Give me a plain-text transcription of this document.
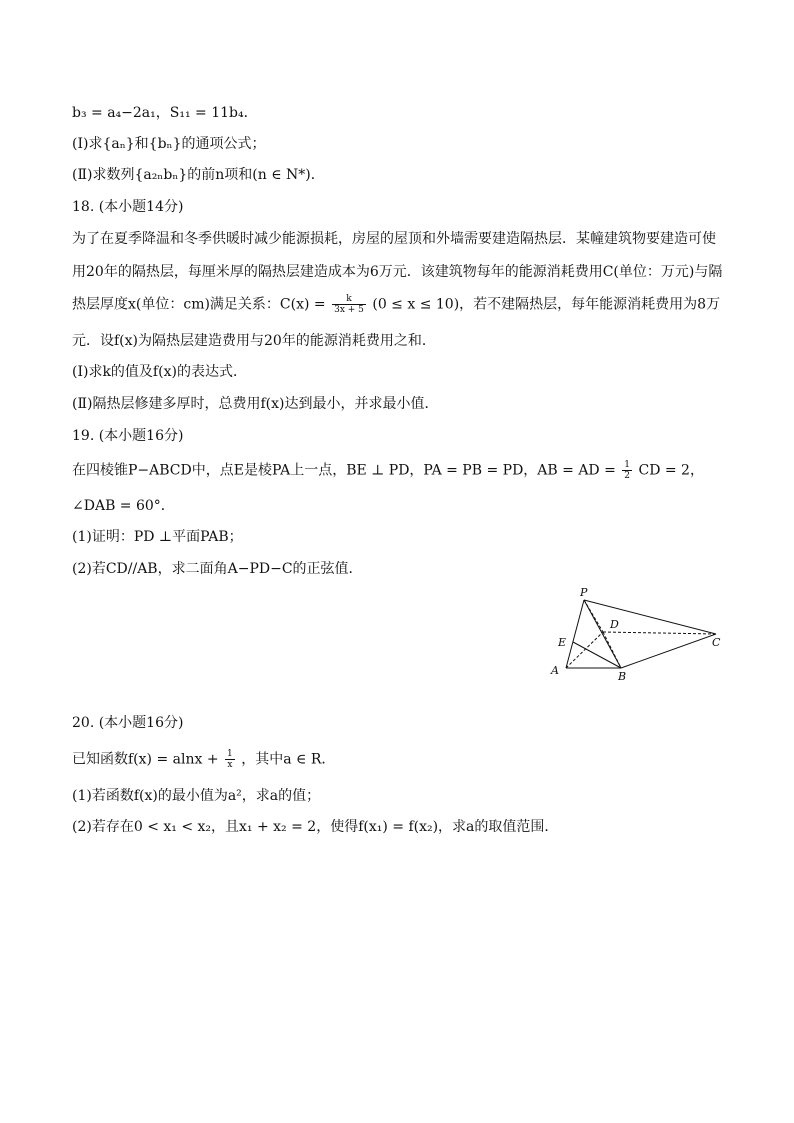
b₃ = a₄−2a₁，S₁₁ = 11b₄．
(Ⅰ)求{aₙ}和{bₙ}的通项公式；
(Ⅱ)求数列{a₂ₙbₙ}的前n项和(n ∈ N*)．
18. (本小题14分)
为了在夏季降温和冬季供暖时减少能源损耗，房屋的屋顶和外墙需要建造隔热层．某幢建筑物要建造可使
用20年的隔热层，每厘米厚的隔热层建造成本为6万元．该建筑物每年的能源消耗费用C(单位：万元)与隔
热层厚度x(单位：cm)满足关系：$C(x) = \frac{k}{3x + 5} (0 \le x \le 10)$，若不建隔热层，每年能源消耗费用为8万
元．设f(x)为隔热层建造费用与20年的能源消耗费用之和．
(Ⅰ)求k的值及f(x)的表达式．
(Ⅱ)隔热层修建多厚时，总费用f(x)达到最小，并求最小值．
19. (本小题16分)
在四棱锥P−ABCD中，点E是棱PA上一点，BE ⊥ PD，PA = PB = PD，AB = AD = $\frac{1}{2}$ CD = 2，
∠DAB = 60°．
(1)证明：PD ⊥平面PAB；
(2)若CD//AB，求二面角A−PD−C的正弦值．
P
D
C
E
A	B
20. (本小题16分)
已知函数$f(x) = alnx + \frac{1}{x}$ ，其中a ∈ R．
(1)若函数f(x)的最小值为a²，求a的值；
(2)若存在0 < x₁ < x₂，且x₁ + x₂ = 2，使得f(x₁) = f(x₂)，求a的取值范围．
